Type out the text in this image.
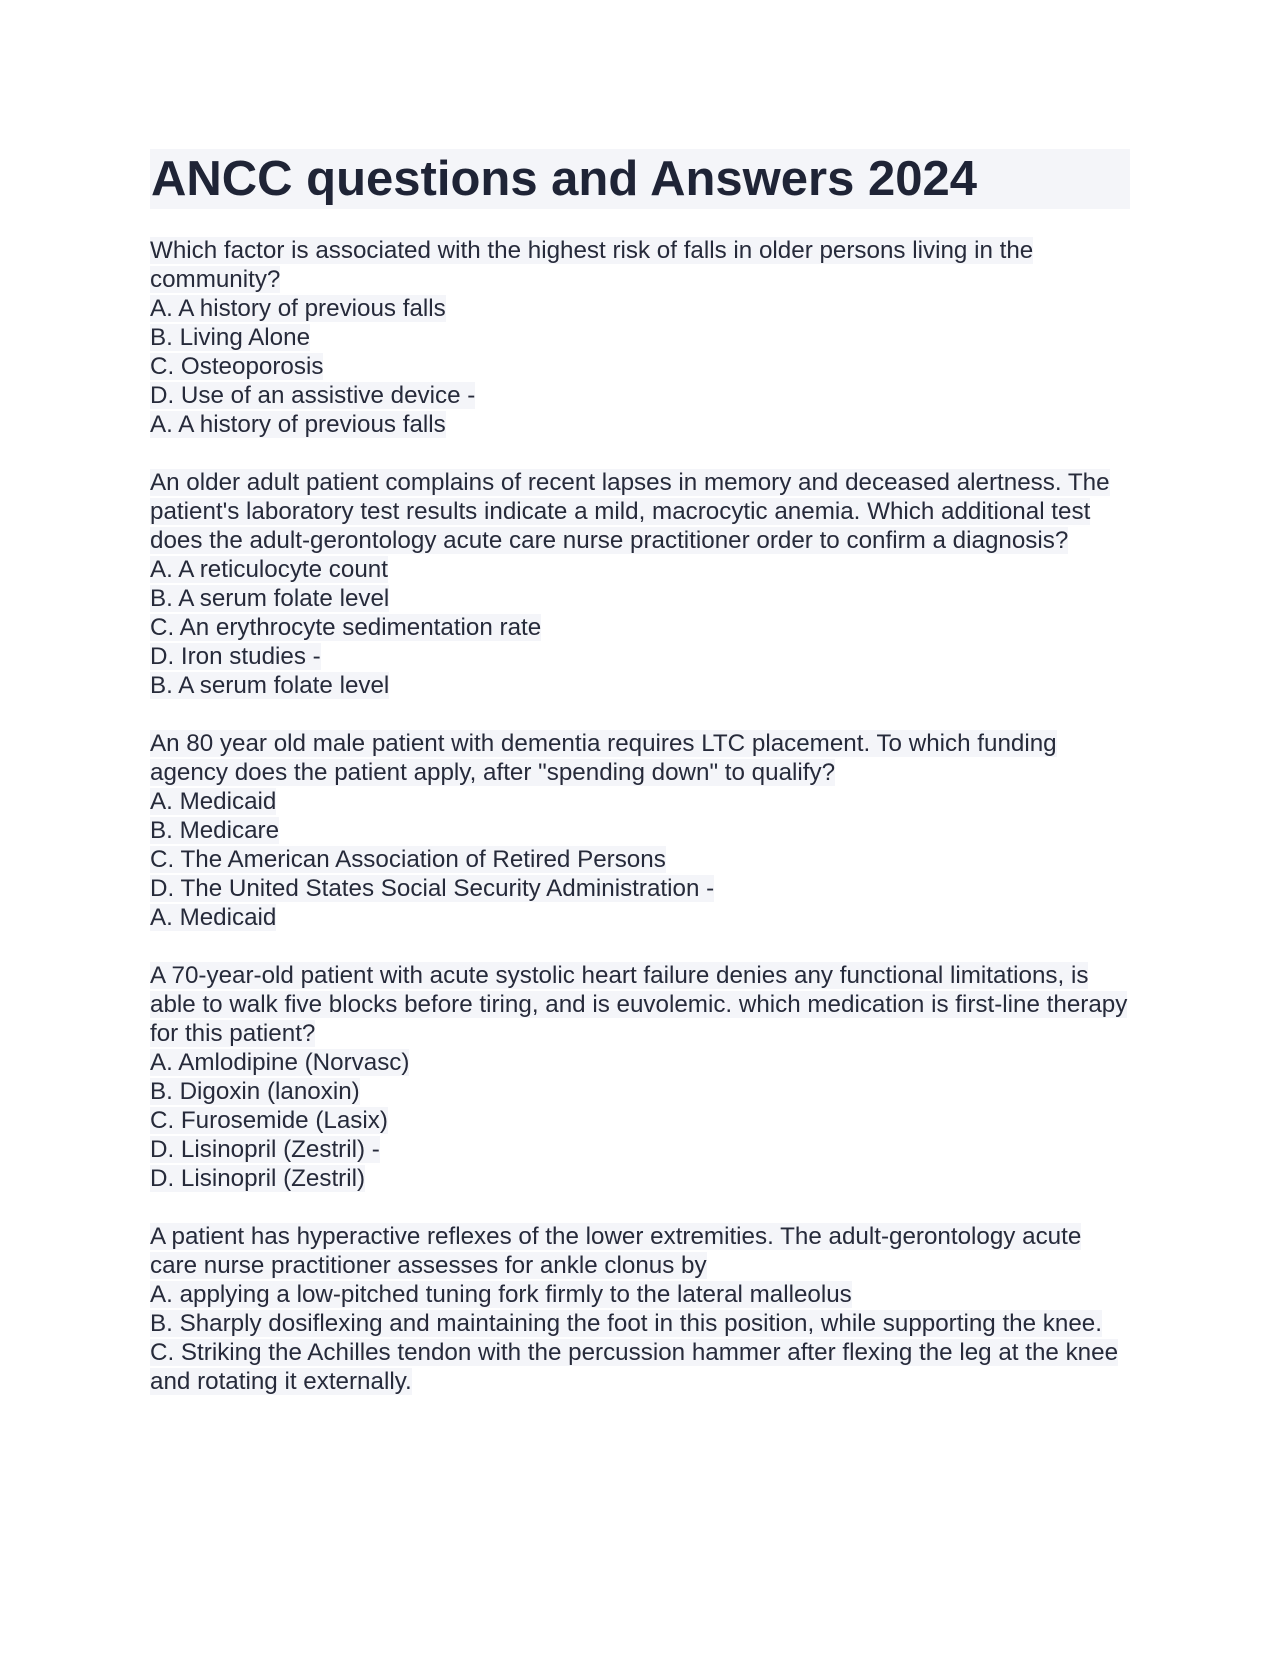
ANCC questions and Answers 2024
Which factor is associated with the highest risk of falls in older persons living in the community?
A. A history of previous falls
B. Living Alone
C. Osteoporosis
D. Use of an assistive device -
A. A history of previous falls
An older adult patient complains of recent lapses in memory and deceased alertness. The patient's laboratory test results indicate a mild, macrocytic anemia. Which additional test does the adult-gerontology acute care nurse practitioner order to confirm a diagnosis?
A. A reticulocyte count
B. A serum folate level
C. An erythrocyte sedimentation rate
D. Iron studies -
B. A serum folate level
An 80 year old male patient with dementia requires LTC placement. To which funding agency does the patient apply, after "spending down" to qualify?
A. Medicaid
B. Medicare
C. The American Association of Retired Persons
D. The United States Social Security Administration -
A. Medicaid
A 70-year-old patient with acute systolic heart failure denies any functional limitations, is able to walk five blocks before tiring, and is euvolemic. which medication is first-line therapy for this patient?
A. Amlodipine (Norvasc)
B. Digoxin (lanoxin)
C. Furosemide (Lasix)
D. Lisinopril (Zestril) -
D. Lisinopril (Zestril)
A patient has hyperactive reflexes of the lower extremities. The adult-gerontology acute care nurse practitioner assesses for ankle clonus by
A. applying a low-pitched tuning fork firmly to the lateral malleolus
B. Sharply dosiflexing and maintaining the foot in this position, while supporting the knee.
C. Striking the Achilles tendon with the percussion hammer after flexing the leg at the knee and rotating it externally.
